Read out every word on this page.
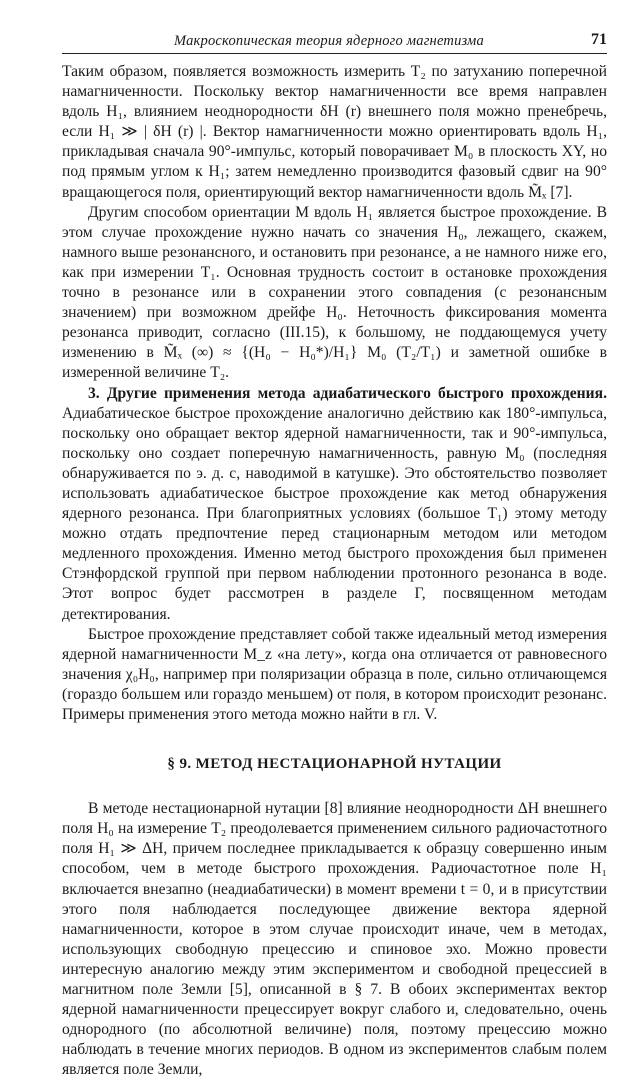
Макроскопическая теория ядерного магнетизма	71

Таким образом, появляется возможность измерить T₂ по затуханию поперечной намагниченности. Поскольку вектор намагниченности все время направлен вдоль H₁, влиянием неоднородности δH (r) внешнего поля можно пренебречь, если H₁ ≫ | δH (r) |. Вектор намагниченности можно ориентировать вдоль H₁, прикладывая сначала 90°-импульс, который поворачивает M₀ в плоскость XY, но под прямым углом к H₁; затем немедленно производится фазовый сдвиг на 90° вращающегося поля, ориентирующий вектор намагниченности вдоль M̃ₓ [7].

Другим способом ориентации M вдоль H₁ является быстрое прохождение. В этом случае прохождение нужно начать со значения H₀, лежащего, скажем, намного выше резонансного, и остановить при резонансе, а не намного ниже его, как при измерении T₁. Основная трудность состоит в остановке прохождения точно в резонансе или в сохранении этого совпадения (с резонансным значением) при возможном дрейфе H₀. Неточность фиксирования момента резонанса приводит, согласно (III.15), к большому, не поддающемуся учету изменению в M̃ₓ (∞) ≈ {(H₀ − H₀*)/H₁} M₀ (T₂/T₁) и заметной ошибке в измеренной величине T₂.

3. Другие применения метода адиабатического быстрого прохождения. Адиабатическое быстрое прохождение аналогично действию как 180°-импульса, поскольку оно обращает вектор ядерной намагниченности, так и 90°-импульса, поскольку оно создает поперечную намагниченность, равную M₀ (последняя обнаруживается по э. д. с, наводимой в катушке). Это обстоятельство позволяет использовать адиабатическое быстрое прохождение как метод обнаружения ядерного резонанса. При благоприятных условиях (большое T₁) этому методу можно отдать предпочтение перед стационарным методом или методом медленного прохождения. Именно метод быстрого прохождения был применен Стэнфордской группой при первом наблюдении протонного резонанса в воде. Этот вопрос будет рассмотрен в разделе Г, посвященном методам детектирования.

Быстрое прохождение представляет собой также идеальный метод измерения ядерной намагниченности M_z «на лету», когда она отличается от равновесного значения χ₀H₀, например при поляризации образца в поле, сильно отличающемся (гораздо большем или гораздо меньшем) от поля, в котором происходит резонанс. Примеры применения этого метода можно найти в гл. V.

§ 9. МЕТОД НЕСТАЦИОНАРНОЙ НУТАЦИИ

В методе нестационарной нутации [8] влияние неоднородности ΔH внешнего поля H₀ на измерение T₂ преодолевается применением сильного радиочастотного поля H₁ ≫ ΔH, причем последнее прикладывается к образцу совершенно иным способом, чем в методе быстрого прохождения. Радиочастотное поле H₁ включается внезапно (неадиабатически) в момент времени t = 0, и в присутствии этого поля наблюдается последующее движение вектора ядерной намагниченности, которое в этом случае происходит иначе, чем в методах, использующих свободную прецессию и спиновое эхо. Можно провести интересную аналогию между этим экспериментом и свободной прецессией в магнитном поле Земли [5], описанной в § 7. В обоих экспериментах вектор ядерной намагниченности прецессирует вокруг слабого и, следовательно, очень однородного (по абсолютной величине) поля, поэтому прецессию можно наблюдать в течение многих периодов. В одном из экспериментов слабым полем является поле Земли,
